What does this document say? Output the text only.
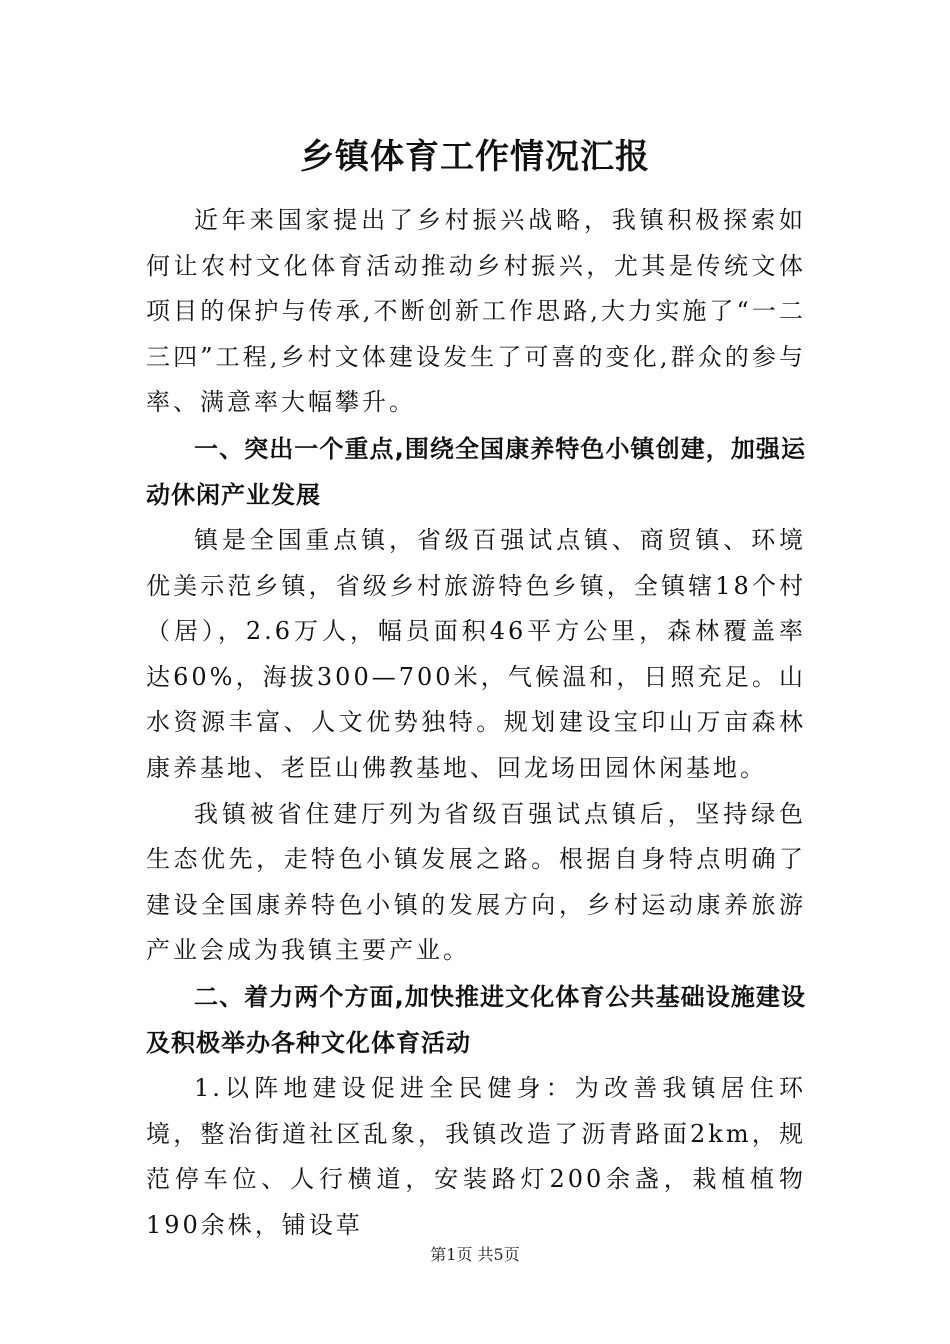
乡镇体育工作情况汇报

近年来国家提出了乡村振兴战略，我镇积极探索如何让农村文化体育活动推动乡村振兴，尤其是传统文体项目的保护与传承,不断创新工作思路,大力实施了“一二三四”工程,乡村文体建设发生了可喜的变化,群众的参与率、满意率大幅攀升。

一、突出一个重点,围绕全国康养特色小镇创建，加强运动休闲产业发展

镇是全国重点镇，省级百强试点镇、商贸镇、环境优美示范乡镇，省级乡村旅游特色乡镇，全镇辖18个村（居），2.6万人，幅员面积46平方公里，森林覆盖率达60%，海拔300—700米，气候温和，日照充足。山水资源丰富、人文优势独特。规划建设宝印山万亩森林康养基地、老臣山佛教基地、回龙场田园休闲基地。

我镇被省住建厅列为省级百强试点镇后，坚持绿色生态优先，走特色小镇发展之路。根据自身特点明确了建设全国康养特色小镇的发展方向，乡村运动康养旅游产业会成为我镇主要产业。

二、着力两个方面,加快推进文化体育公共基础设施建设及积极举办各种文化体育活动

1.以阵地建设促进全民健身：为改善我镇居住环境，整治街道社区乱象，我镇改造了沥青路面2km，规范停车位、人行横道，安装路灯200余盏，栽植植物190余株，铺设草

第1页 共5页
